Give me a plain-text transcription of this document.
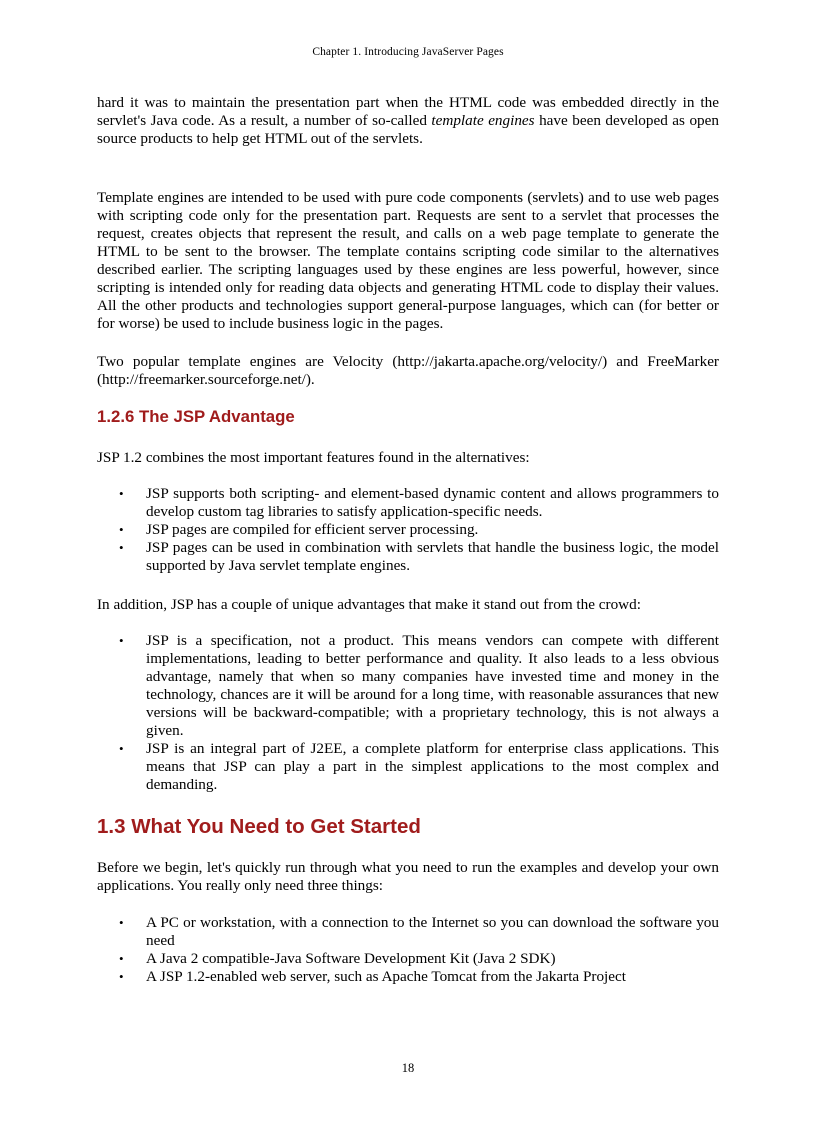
Chapter 1. Introducing JavaServer Pages

hard it was to maintain the presentation part when the HTML code was embedded directly in the servlet's Java code. As a result, a number of so-called template engines have been developed as open source products to help get HTML out of the servlets.

Template engines are intended to be used with pure code components (servlets) and to use web pages with scripting code only for the presentation part. Requests are sent to a servlet that processes the request, creates objects that represent the result, and calls on a web page template to generate the HTML to be sent to the browser. The template contains scripting code similar to the alternatives described earlier. The scripting languages used by these engines are less powerful, however, since scripting is intended only for reading data objects and generating HTML code to display their values. All the other products and technologies support general-purpose languages, which can (for better or for worse) be used to include business logic in the pages.

Two popular template engines are Velocity (http://jakarta.apache.org/velocity/) and FreeMarker (http://freemarker.sourceforge.net/).

1.2.6 The JSP Advantage

JSP 1.2 combines the most important features found in the alternatives:

• JSP supports both scripting- and element-based dynamic content and allows programmers to develop custom tag libraries to satisfy application-specific needs.
• JSP pages are compiled for efficient server processing.
• JSP pages can be used in combination with servlets that handle the business logic, the model supported by Java servlet template engines.

In addition, JSP has a couple of unique advantages that make it stand out from the crowd:

• JSP is a specification, not a product. This means vendors can compete with different implementations, leading to better performance and quality. It also leads to a less obvious advantage, namely that when so many companies have invested time and money in the technology, chances are it will be around for a long time, with reasonable assurances that new versions will be backward-compatible; with a proprietary technology, this is not always a given.
• JSP is an integral part of J2EE, a complete platform for enterprise class applications. This means that JSP can play a part in the simplest applications to the most complex and demanding.
1.3 What You Need to Get Started

Before we begin, let's quickly run through what you need to run the examples and develop your own applications. You really only need three things:

• A PC or workstation, with a connection to the Internet so you can download the software you need
• A Java 2 compatible-Java Software Development Kit (Java 2 SDK)
• A JSP 1.2-enabled web server, such as Apache Tomcat from the Jakarta Project
18
